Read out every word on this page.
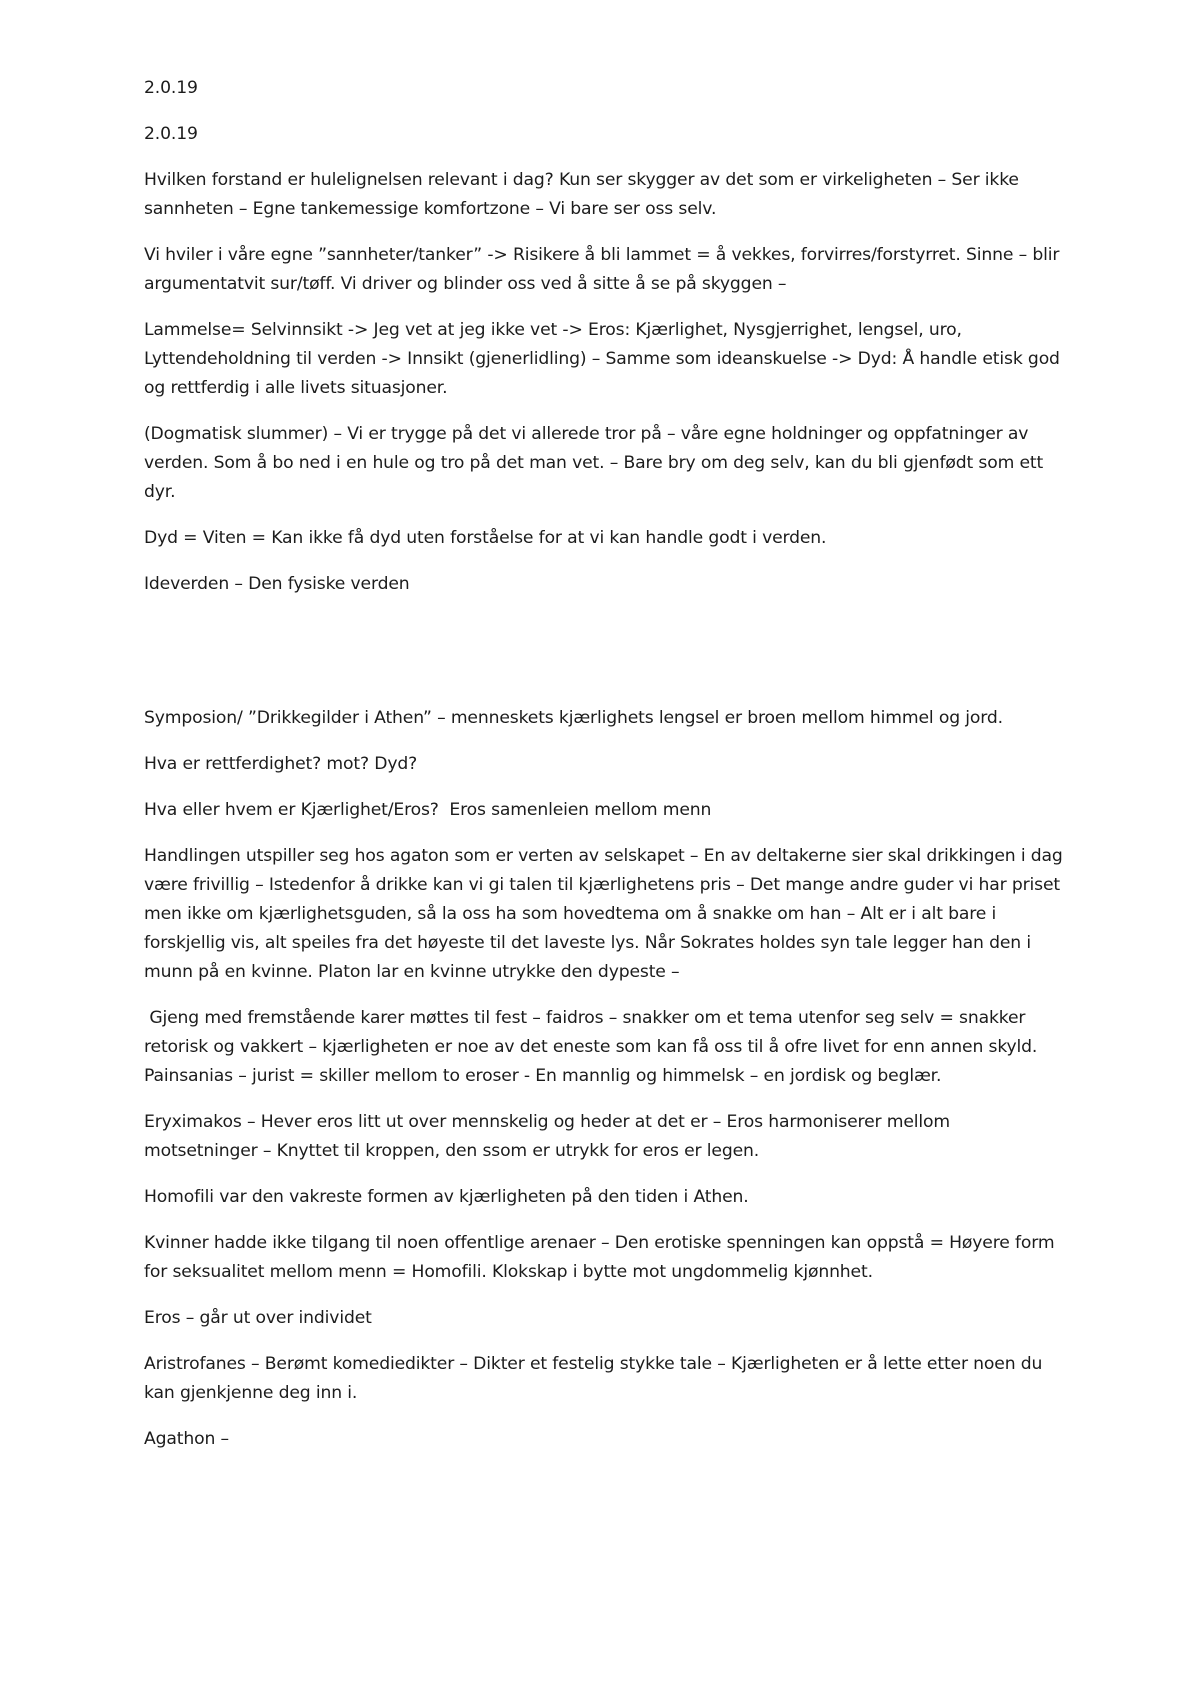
2.0.19

2.0.19

Hvilken forstand er hulelignelsen relevant i dag? Kun ser skygger av det som er virkeligheten – Ser ikke sannheten – Egne tankemessige komfortzone – Vi bare ser oss selv.

Vi hviler i våre egne ”sannheter/tanker” -> Risikere å bli lammet = å vekkes, forvirres/forstyrret. Sinne – blir argumentatvit sur/tøff. Vi driver og blinder oss ved å sitte å se på skyggen –

Lammelse= Selvinnsikt -> Jeg vet at jeg ikke vet -> Eros: Kjærlighet, Nysgjerrighet, lengsel, uro, Lyttendeholdning til verden -> Innsikt (gjenerlidling) – Samme som ideanskuelse -> Dyd: Å handle etisk god og rettferdig i alle livets situasjoner.

(Dogmatisk slummer) – Vi er trygge på det vi allerede tror på – våre egne holdninger og oppfatninger av verden. Som å bo ned i en hule og tro på det man vet. – Bare bry om deg selv, kan du bli gjenfødt som ett dyr.

Dyd = Viten = Kan ikke få dyd uten forståelse for at vi kan handle godt i verden.

Ideverden – Den fysiske verden

Symposion/ ”Drikkegilder i Athen” – menneskets kjærlighets lengsel er broen mellom himmel og jord.

Hva er rettferdighet? mot? Dyd?

Hva eller hvem er Kjærlighet/Eros?  Eros samenleien mellom menn

Handlingen utspiller seg hos agaton som er verten av selskapet – En av deltakerne sier skal drikkingen i dag være frivillig – Istedenfor å drikke kan vi gi talen til kjærlighetens pris – Det mange andre guder vi har priset men ikke om kjærlighetsguden, så la oss ha som hovedtema om å snakke om han – Alt er i alt bare i forskjellig vis, alt speiles fra det høyeste til det laveste lys. Når Sokrates holdes syn tale legger han den i munn på en kvinne. Platon lar en kvinne utrykke den dypeste –

Gjeng med fremstående karer møttes til fest – faidros – snakker om et tema utenfor seg selv = snakker retorisk og vakkert – kjærligheten er noe av det eneste som kan få oss til å ofre livet for enn annen skyld. Painsanias – jurist = skiller mellom to eroser - En mannlig og himmelsk – en jordisk og beglær.

Eryximakos – Hever eros litt ut over mennskelig og heder at det er – Eros harmoniserer mellom motsetninger – Knyttet til kroppen, den ssom er utrykk for eros er legen.

Homofili var den vakreste formen av kjærligheten på den tiden i Athen.

Kvinner hadde ikke tilgang til noen offentlige arenaer – Den erotiske spenningen kan oppstå = Høyere form for seksualitet mellom menn = Homofili. Klokskap i bytte mot ungdommelig kjønnhet.

Eros – går ut over individet

Aristrofanes – Berømt komediedikter – Dikter et festelig stykke tale – Kjærligheten er å lette etter noen du kan gjenkjenne deg inn i.

Agathon –
